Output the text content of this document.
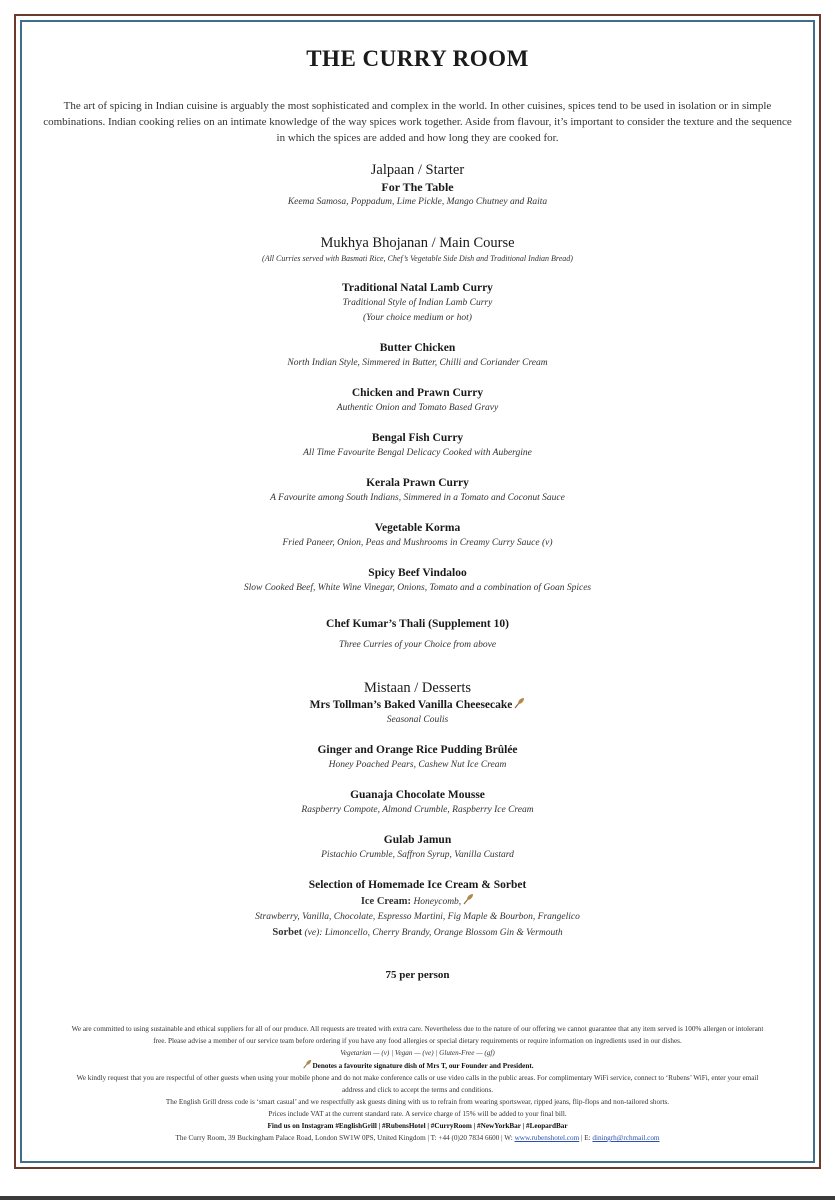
THE CURRY ROOM
The art of spicing in Indian cuisine is arguably the most sophisticated and complex in the world. In other cuisines, spices tend to be used in isolation or in simple combinations. Indian cooking relies on an intimate knowledge of the way spices work together. Aside from flavour, it’s important to consider the texture and the sequence in which the spices are added and how long they are cooked for.
Jalpaan / Starter
For The Table
Keema Samosa, Poppadum, Lime Pickle, Mango Chutney and Raita
Mukhya Bhojanan / Main Course
(All Curries served with Basmati Rice, Chef’s Vegetable Side Dish and Traditional Indian Bread)
Traditional Natal Lamb Curry
Traditional Style of Indian Lamb Curry
(Your choice medium or hot)
Butter Chicken
North Indian Style, Simmered in Butter, Chilli and Coriander Cream
Chicken and Prawn Curry
Authentic Onion and Tomato Based Gravy
Bengal Fish Curry
All Time Favourite Bengal Delicacy Cooked with Aubergine
Kerala Prawn Curry
A Favourite among South Indians, Simmered in a Tomato and Coconut Sauce
Vegetable Korma
Fried Paneer, Onion, Peas and Mushrooms in Creamy Curry Sauce (v)
Spicy Beef Vindaloo
Slow Cooked Beef, White Wine Vinegar, Onions, Tomato and a combination of Goan Spices
Chef Kumar’s Thali (Supplement 10)
Three Curries of your Choice from above
Mistaan / Desserts
Mrs Tollman’s Baked Vanilla Cheesecake
Seasonal Coulis
Ginger and Orange Rice Pudding Brûlée
Honey Poached Pears, Cashew Nut Ice Cream
Guanaja Chocolate Mousse
Raspberry Compote, Almond Crumble, Raspberry Ice Cream
Gulab Jamun
Pistachio Crumble, Saffron Syrup, Vanilla Custard
Selection of Homemade Ice Cream & Sorbet
Ice Cream: Honeycomb,
Strawberry, Vanilla, Chocolate, Espresso Martini, Fig Maple & Bourbon, Frangelico
Sorbet (ve): Limoncello, Cherry Brandy, Orange Blossom Gin & Vermouth
75 per person
We are committed to using sustainable and ethical suppliers for all of our produce. All requests are treated with extra care. Nevertheless due to the nature of our offering we cannot guarantee that any item served is 100% allergen or intolerant free. Please advise a member of our service team before ordering if you have any food allergies or special dietary requirements or require information on ingredients used in our dishes.
Vegetarian — (v) | Vegan — (ve) | Gluten-Free — (gf)
Denotes a favourite signature dish of Mrs T, our Founder and President.
We kindly request that you are respectful of other guests when using your mobile phone and do not make conference calls or use video calls in the public areas. For complimentary WiFi service, connect to ‘Rubens’ WiFi, enter your email address and click to accept the terms and conditions.
The English Grill dress code is ‘smart casual’ and we respectfully ask guests dining with us to refrain from wearing sportswear, ripped jeans, flip-flops and non-tailored shorts.
Prices include VAT at the current standard rate. A service charge of 15% will be added to your final bill.
Find us on Instagram #EnglishGrill | #RubensHotel | #CurryRoom | #NewYorkBar | #LeopardBar
The Curry Room, 39 Buckingham Palace Road, London SW1W 0PS, United Kingdom | T: +44 (0)20 7834 6600 | W: www.rubenshotel.com | E: diningrh@rchmail.com
